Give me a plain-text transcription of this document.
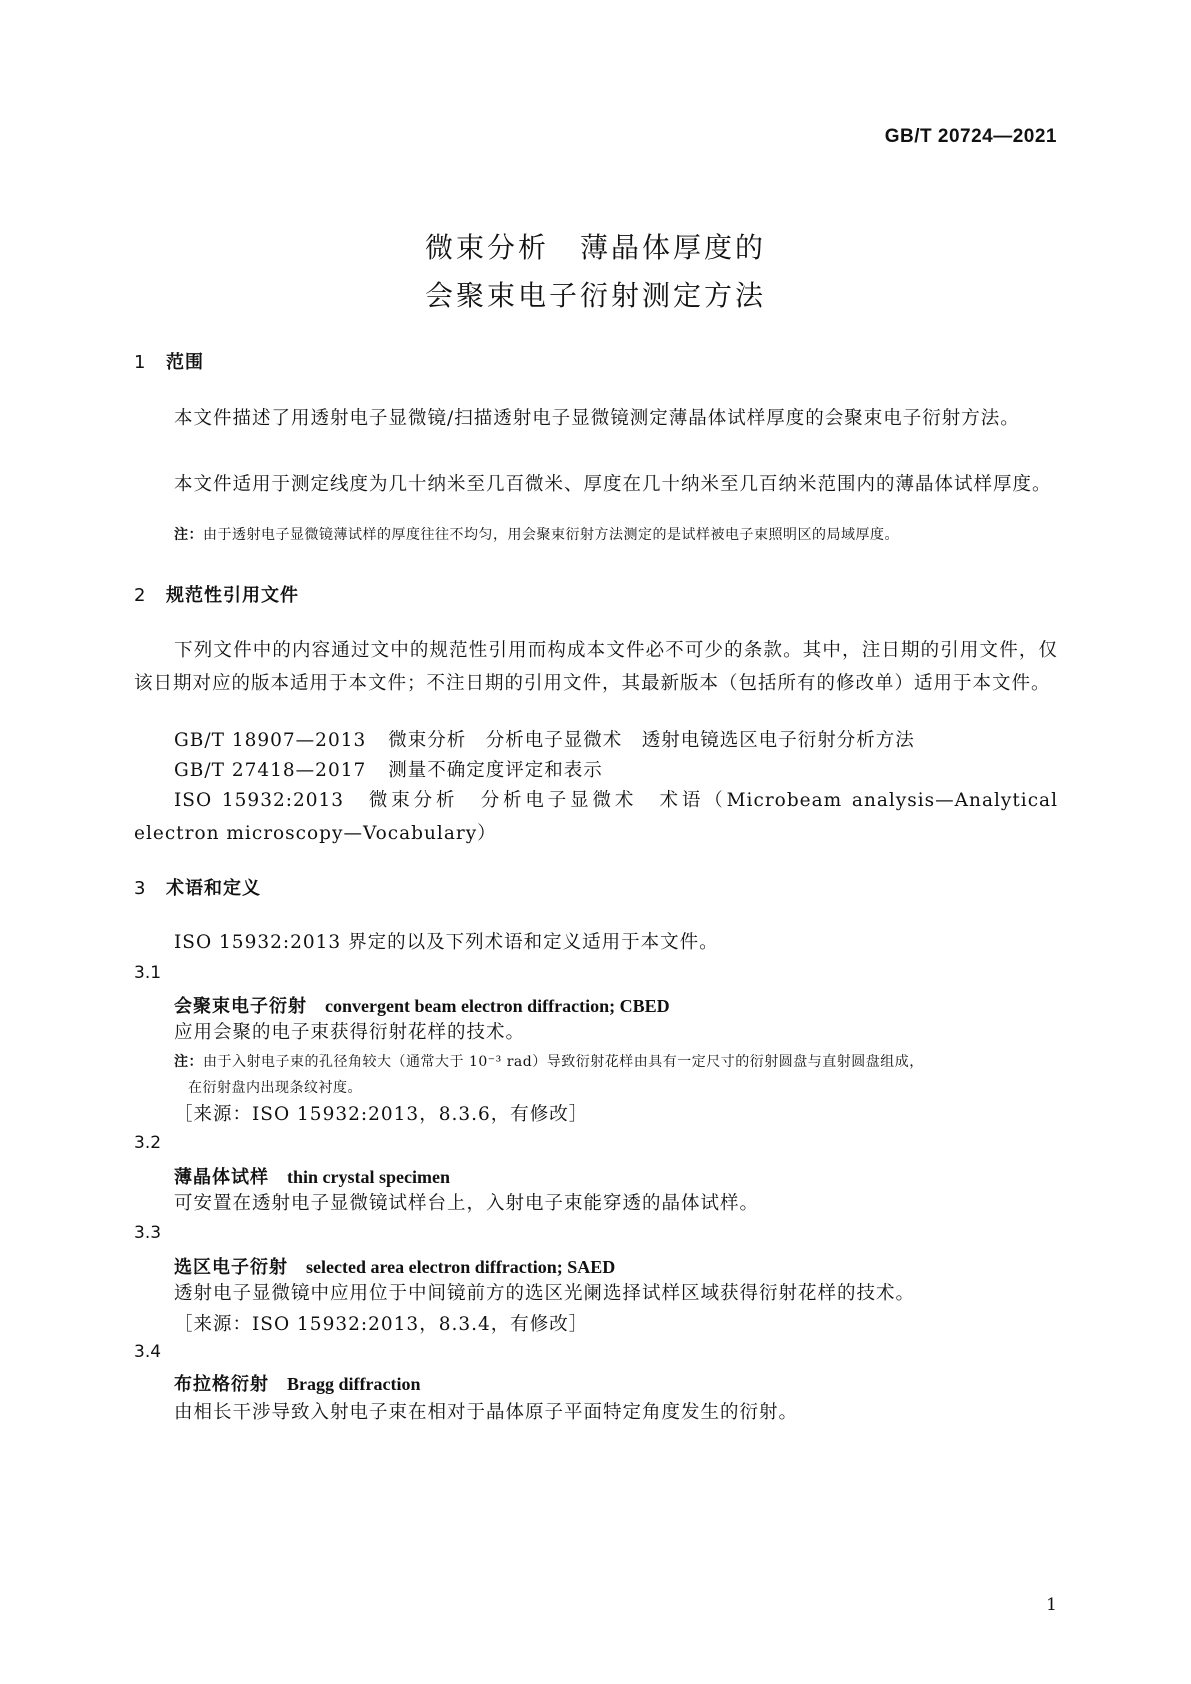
GB/T 20724—2021
微束分析　薄晶体厚度的
会聚束电子衍射测定方法
1 范围
本文件描述了用透射电子显微镜/扫描透射电子显微镜测定薄晶体试样厚度的会聚束电子衍射方法。
本文件适用于测定线度为几十纳米至几百微米、厚度在几十纳米至几百纳米范围内的薄晶体试样厚度。
注：由于透射电子显微镜薄试样的厚度往往不均匀，用会聚束衍射方法测定的是试样被电子束照明区的局域厚度。
2 规范性引用文件
下列文件中的内容通过文中的规范性引用而构成本文件必不可少的条款。其中，注日期的引用文件，仅该日期对应的版本适用于本文件；不注日期的引用文件，其最新版本（包括所有的修改单）适用于本文件。
GB/T 18907—2013 微束分析　分析电子显微术　透射电镜选区电子衍射分析方法
GB/T 27418—2017 测量不确定度评定和表示
ISO 15932:2013 微束分析　分析电子显微术　术语（Microbeam analysis—Analytical electron microscopy—Vocabulary）
3 术语和定义
ISO 15932:2013 界定的以及下列术语和定义适用于本文件。
3.1
会聚束电子衍射 convergent beam electron diffraction; CBED
应用会聚的电子束获得衍射花样的技术。
注：由于入射电子束的孔径角较大（通常大于 10⁻³ rad）导致衍射花样由具有一定尺寸的衍射圆盘与直射圆盘组成，
在衍射盘内出现条纹衬度。
［来源：ISO 15932:2013，8.3.6，有修改］
3.2
薄晶体试样 thin crystal specimen
可安置在透射电子显微镜试样台上，入射电子束能穿透的晶体试样。
3.3
选区电子衍射 selected area electron diffraction; SAED
透射电子显微镜中应用位于中间镜前方的选区光阑选择试样区域获得衍射花样的技术。
［来源：ISO 15932:2013，8.3.4，有修改］
3.4
布拉格衍射 Bragg diffraction
由相长干涉导致入射电子束在相对于晶体原子平面特定角度发生的衍射。
1
